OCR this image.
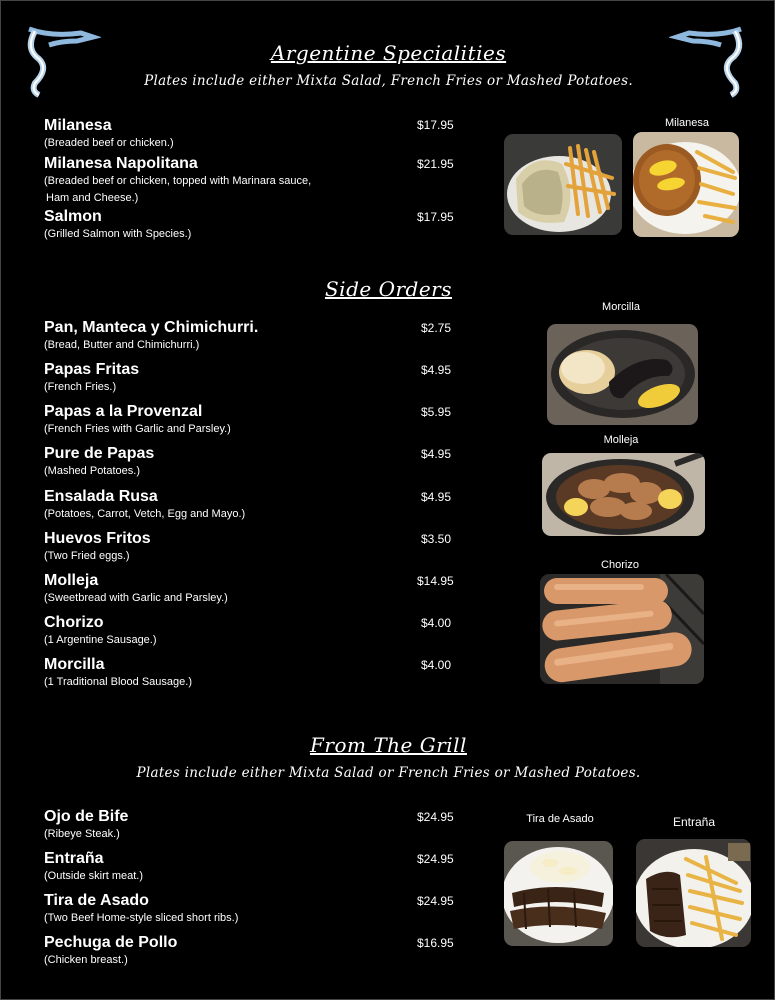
Argentine Specialities
Plates include either Mixta Salad, French Fries or Mashed Potatoes.
Milanesa
(Breaded beef or chicken.)
$17.95
Milanesa Napolitana
(Breaded beef or chicken, topped with Marinara sauce,
Ham and Cheese.)
$21.95
Salmon
(Grilled Salmon with Species.)
$17.95
Milanesa
Side Orders
Pan, Manteca y Chimichurri.
(Bread, Butter and Chimichurri.)
$2.75
Papas Fritas
(French Fries.)
$4.95
Papas a la Provenzal
(French Fries with Garlic and Parsley.)
$5.95
Pure de Papas
(Mashed Potatoes.)
$4.95
Ensalada Rusa
(Potatoes, Carrot, Vetch, Egg and Mayo.)
$4.95
Huevos Fritos
(Two Fried eggs.)
$3.50
Molleja
(Sweetbread with Garlic and Parsley.)
$14.95
Chorizo
(1 Argentine Sausage.)
$4.00
Morcilla
(1 Traditional Blood Sausage.)
$4.00
Morcilla
Molleja
Chorizo
From The Grill
Plates include either Mixta Salad or French Fries or Mashed Potatoes.
Ojo de Bife
(Ribeye Steak.)
$24.95
Entraña
(Outside skirt meat.)
$24.95
Tira de Asado
(Two Beef Home-style sliced short ribs.)
$24.95
Pechuga de Pollo
(Chicken breast.)
$16.95
Tira de Asado	Entraña
